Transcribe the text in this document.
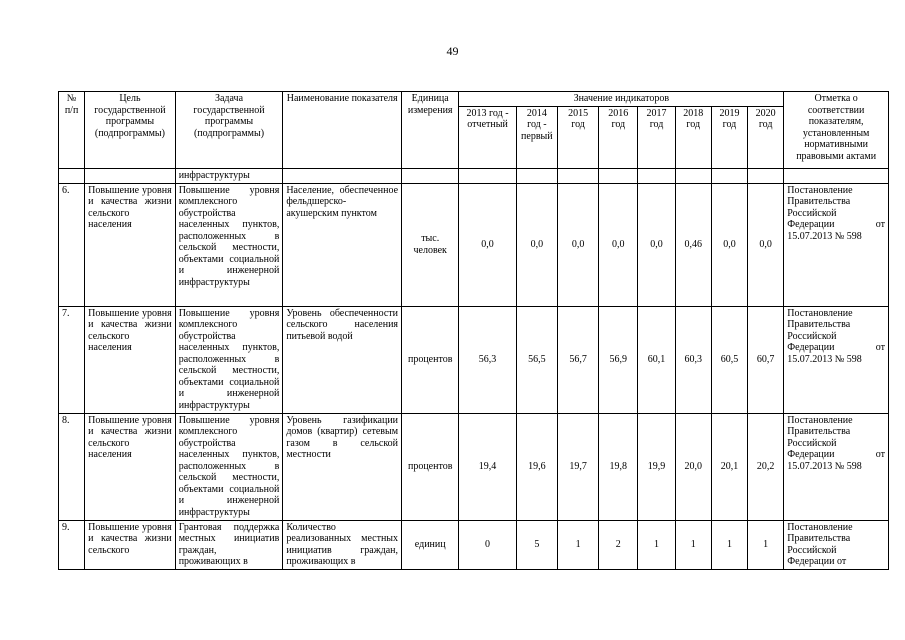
49
№ п/п	Цель государственной программы (подпрограммы)	Задача государственной программы (подпрограммы)	Наименование показателя	Единица измерения	Значение индикаторов								Отметка о соответствии показателям, установленным нормативными правовыми актами
					2013 год - отчетный	2014 год - первый	2015 год	2016 год	2017 год	2018 год	2019 год	2020 год	
		инфраструктуры											
6.	Повышение уровня и качества жизни сельского населения	Повышение уровня комплексного обустройства населенных пунктов, расположенных в сельской местности, объектами социальной и инженерной инфраструктуры	Население, обеспеченное фельдшерско-акушерским пунктом	тыс. человек	0,0	0,0	0,0	0,0	0,0	0,46	0,0	0,0	Постановление Правительства Российской Федерации от 15.07.2013 № 598
7.	Повышение уровня и качества жизни сельского населения	Повышение уровня комплексного обустройства населенных пунктов, расположенных в сельской местности, объектами социальной и инженерной инфраструктуры	Уровень обеспеченности сельского населения питьевой водой	процентов	56,3	56,5	56,7	56,9	60,1	60,3	60,5	60,7	Постановление Правительства Российской Федерации от 15.07.2013 № 598
8.	Повышение уровня и качества жизни сельского населения	Повышение уровня комплексного обустройства населенных пунктов, расположенных в сельской местности, объектами социальной и инженерной инфраструктуры	Уровень газификации домов (квартир) сетевым газом в сельской местности	процентов	19,4	19,6	19,7	19,8	19,9	20,0	20,1	20,2	Постановление Правительства Российской Федерации от 15.07.2013 № 598
9.	Повышение уровня и качества жизни сельского	Грантовая поддержка местных инициатив граждан, проживающих в	Количество реализованных местных инициатив граждан, проживающих в	единиц	0	5	1	2	1	1	1	1	Постановление Правительства Российской Федерации от
